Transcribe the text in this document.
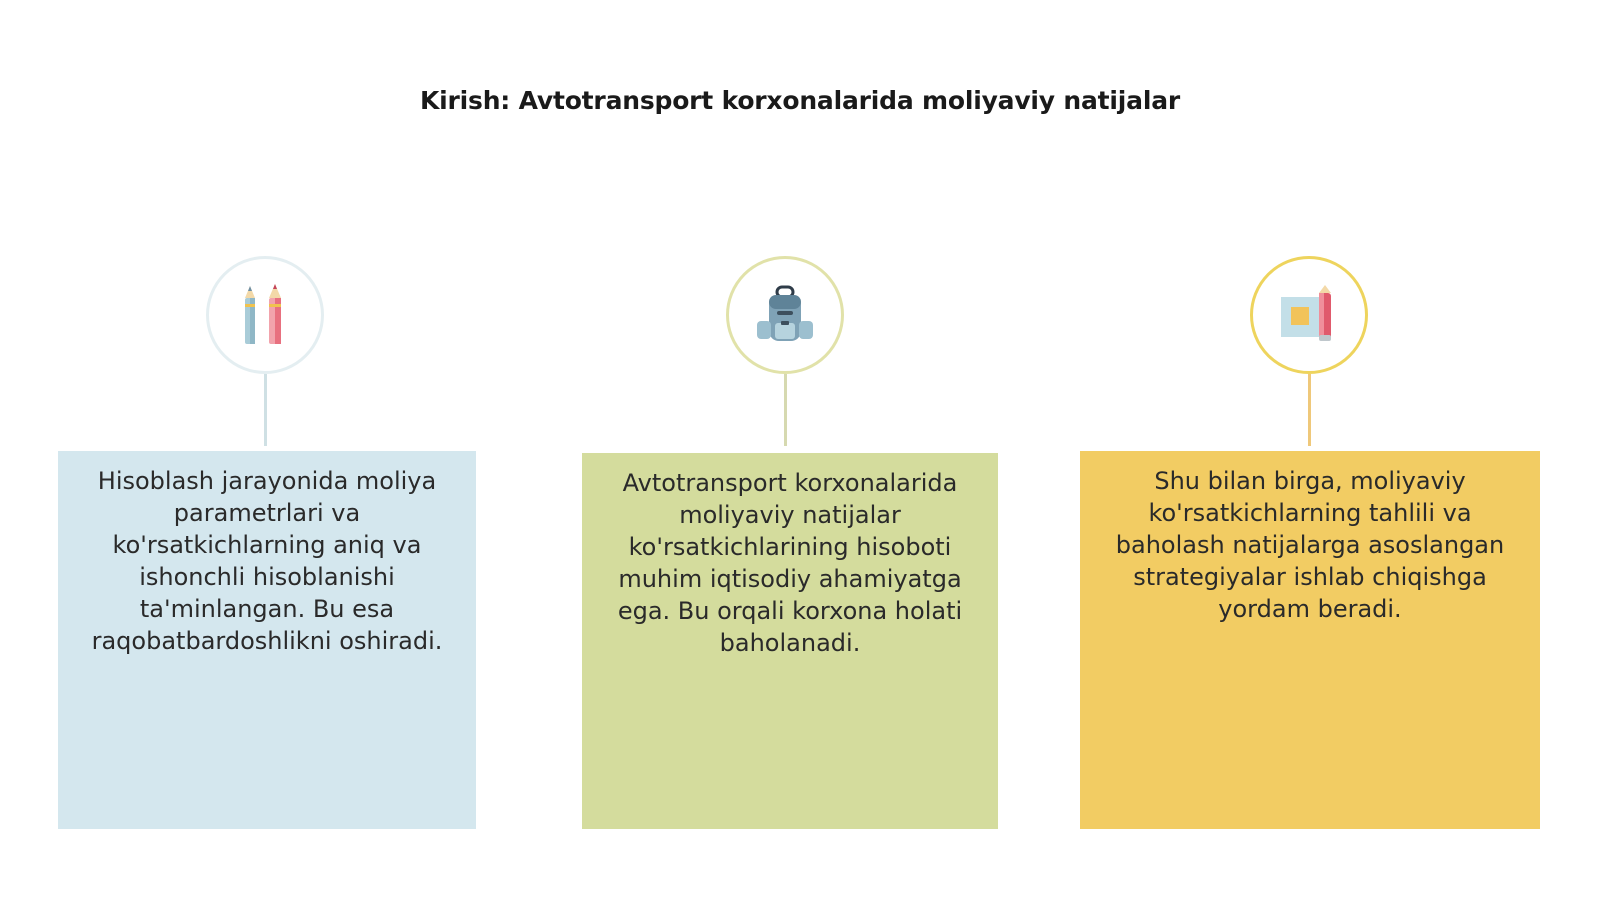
Kirish: Avtotransport korxonalarida moliyaviy natijalar
Hisoblash jarayonida moliya parametrlari va ko'rsatkichlarning aniq va ishonchli hisoblanishi ta'minlangan. Bu esa raqobatbardoshlikni oshiradi.
Avtotransport korxonalarida moliyaviy natijalar ko'rsatkichlarining hisoboti muhim iqtisodiy ahamiyatga ega. Bu orqali korxona holati baholanadi.
Shu bilan birga, moliyaviy ko'rsatkichlarning tahlili va baholash natijalarga asoslangan strategiyalar ishlab chiqishga yordam beradi.
